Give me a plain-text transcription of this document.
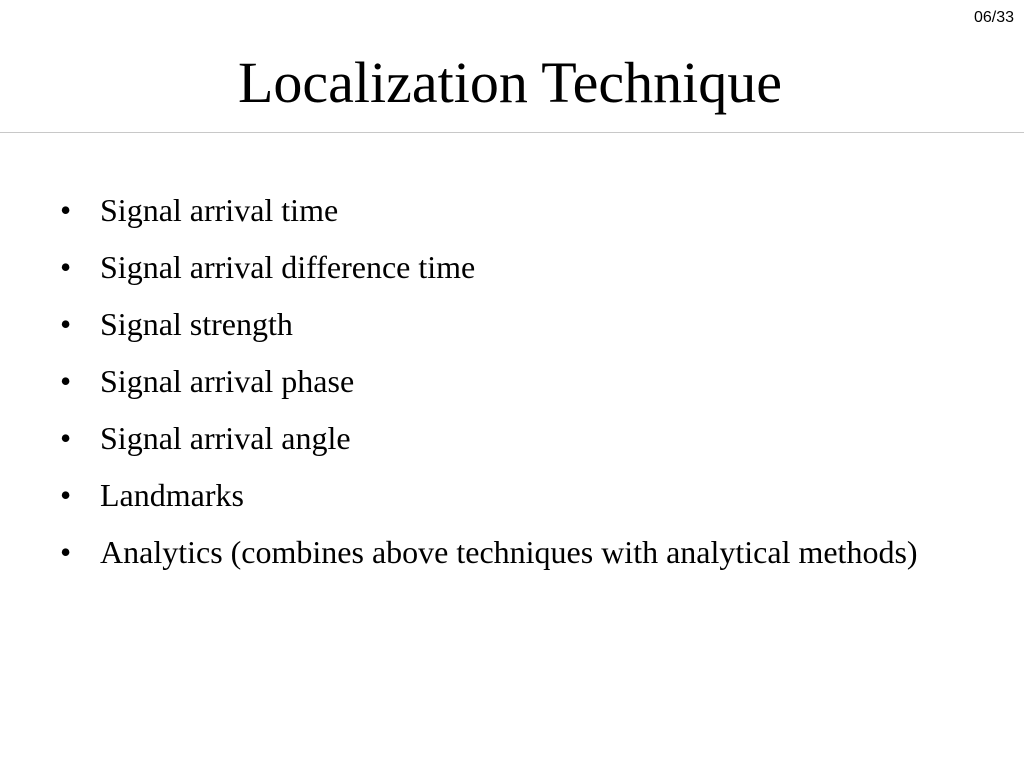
06/33
Localization Technique
• Signal arrival time
• Signal arrival difference time
• Signal strength
• Signal arrival phase
• Signal arrival angle
• Landmarks
• Analytics (combines above techniques with analytical methods)
